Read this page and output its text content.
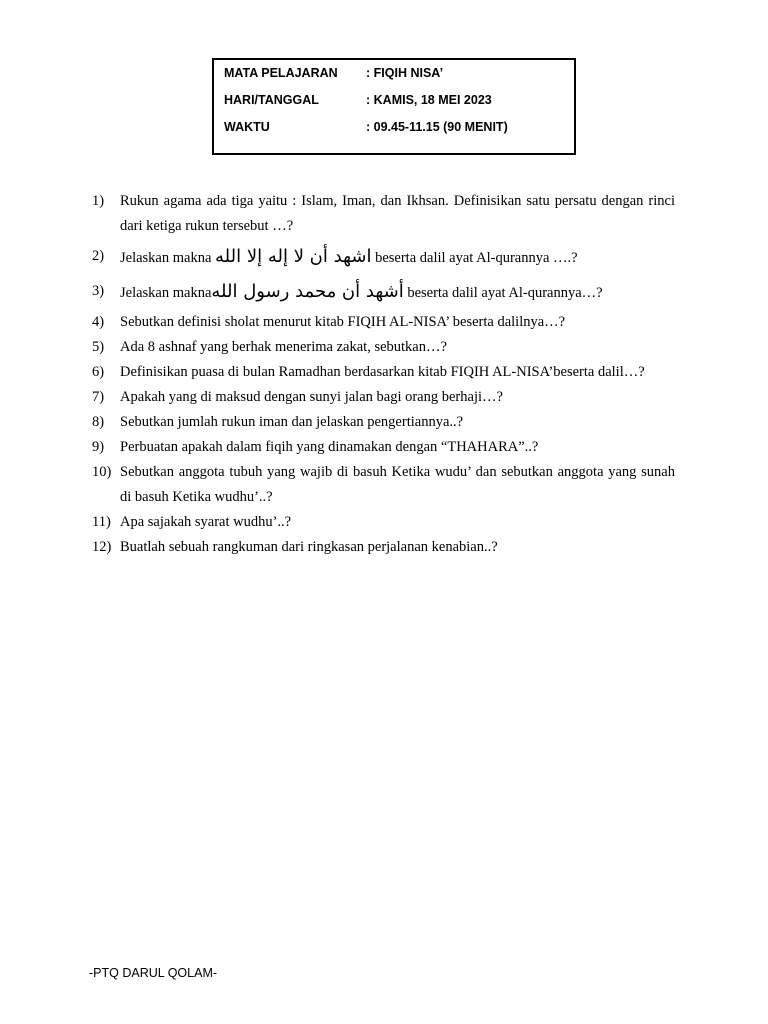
MATA PELAJARAN : FIQIH NISA’
HARI/TANGGAL	: KAMIS, 18 MEI 2023
WAKTU	: 09.45-11.15 (90 MENIT)
1) Rukun agama ada tiga yaitu : Islam, Iman, dan Ikhsan. Definisikan satu persatu dengan rinci dari ketiga rukun tersebut …?
2) Jelaskan makna اشهد أن لا إله إلا الله beserta dalil ayat Al-qurannya ….?
3) Jelaskan maknaأشهد أن محمد رسول الله beserta dalil ayat Al-qurannya…?
4) Sebutkan definisi sholat menurut kitab FIQIH AL-NISA’ beserta dalilnya…?
5) Ada 8 ashnaf yang berhak menerima zakat, sebutkan…?
6) Definisikan puasa di bulan Ramadhan berdasarkan kitab FIQIH AL-NISA’beserta dalil…?
7) Apakah yang di maksud dengan sunyi jalan bagi orang berhaji…?
8) Sebutkan jumlah rukun iman dan jelaskan pengertiannya..?
9) Perbuatan apakah dalam fiqih yang dinamakan dengan “THAHARA”..?
10) Sebutkan anggota tubuh yang wajib di basuh Ketika wudu’ dan sebutkan anggota yang sunah di basuh Ketika wudhu’..?
11) Apa sajakah syarat wudhu’..?
12) Buatlah sebuah rangkuman dari ringkasan perjalanan kenabian..?
-PTQ DARUL QOLAM-
